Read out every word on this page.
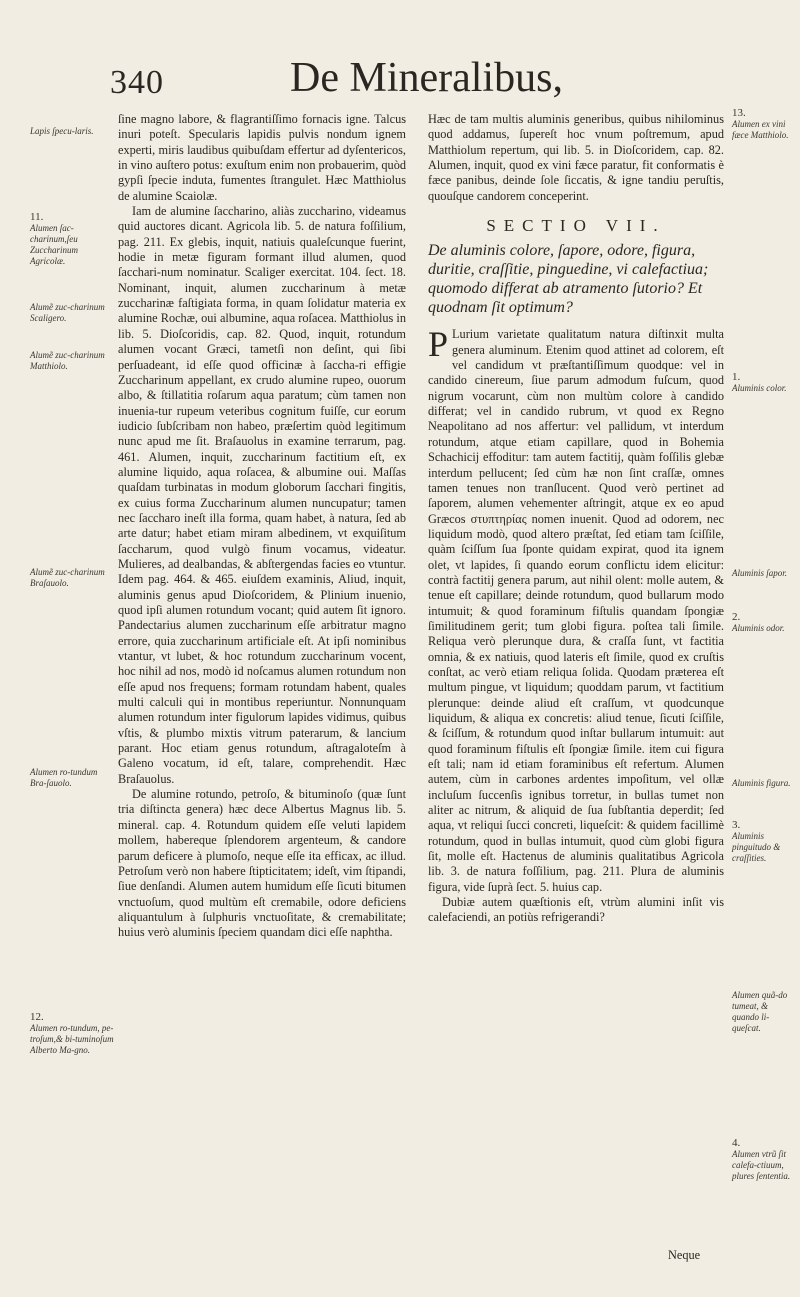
340	De Mineralibus,
Lapis ſpecu-laris.
11.
Alumen ſac-charinum,ſeu Zuccharinum Agricolæ.
Alumẽ zuc-charinum Scaligero.
Alumẽ zuc-charinum Matthiolo.
Alumẽ zuc-charinum Braſauolo.
Alumen ro-tundum Bra-ſauolo.
12.
Alumen ro-tundum, pe-troſum,& bi-tuminoſum Alberto Ma-gno.

ſine magno labore, & flagrantiſſimo fornacis igne. Talcus inuri poteſt. Specularis lapidis pulvis nondum ignem experti, miris laudibus quibuſdam effertur ad dyſentericos, in vino auſtero potus: exuſtum enim non probauerim, quòd gypſi ſpecie induta, fumentes ſtrangulet. Hæc Matthiolus de alumine Scaiolæ.

Iam de alumine ſaccharino, aliàs zuccharino, videamus quid auctores dicant. Agricola lib. 5. de natura foſſilium, pag. 211. Ex glebis, inquit, natiuis qualeſcunque fuerint, hodie in metæ figuram formant illud alumen, quod ſacchari-num nominatur. Scaliger exercitat. 104. ſect. 18. Nominant, inquit, alumen zuccharinum à metæ zuccharinæ faſtigiata forma, in quam ſolidatur materia ex alumine Rochæ, oui albumine, aqua roſacea. Matthiolus in lib. 5. Dioſcoridis, cap. 82. Quod, inquit, rotundum alumen vocant Græci, tametſi non deſint, qui ſibi perſuadeant, id eſſe quod officinæ à ſaccha-ri effigie Zuccharinum appellant, ex crudo alumine rupeo, ouorum albo, & ſtillatitia roſarum aqua paratum; cùm tamen non inuenia-tur rupeum veteribus cognitum fuiſſe, cur eorum iudicio ſubſcribam non habeo, præſertim quòd legitimum nunc apud me ſit. Braſauolus in examine terrarum, pag. 461. Alumen, inquit, zuccharinum factitium eſt, ex alumine liquido, aqua roſacea, & albumine oui. Maſſas quaſdam turbinatas in modum globorum ſacchari fingitis, ex cuius forma Zuccharinum alumen nuncupatur; tamen nec ſaccharo ineſt illa forma, quam habet, à natura, ſed ab arte datur; habet etiam miram albedinem, vt exquiſitum ſaccharum, quod vulgò finum vocamus, videatur. Mulieres, ad dealbandas, & abſtergendas facies eo vtuntur. Idem pag. 464. & 465. eiuſdem examinis, Aliud, inquit, aluminis genus apud Dioſcoridem, & Plinium inuenio, quod ipſi alumen rotundum vocant; quid autem ſit ignoro. Pandectarius alumen zuccharinum eſſe arbitratur magno errore, quia zuccharinum artificiale eſt. At ipſi nominibus vtantur, vt lubet, & hoc rotundum zuccharinum vocent, hoc nihil ad nos, modò id noſcamus alumen rotundum non eſſe apud nos frequens; formam rotundam habent, quales multi calculi qui in montibus reperiuntur. Nonnunquam alumen rotundum inter figulorum lapides vidimus, quibus vſtis, & plumbo mixtis vitrum paterarum, & lancium parant. Hoc etiam genus rotundum, aſtragaloteſm à Galeno vocatum, id eſt, talare, comprehendit. Hæc Braſauolus.

De alumine rotundo, petroſo, & bituminoſo (quæ ſunt tria diſtincta genera) hæc dece Albertus Magnus lib. 5. mineral. cap. 4. Rotundum quidem eſſe veluti lapidem mollem, habereque ſplendorem argenteum, & candore parum deficere à plumoſo, neque eſſe ita efficax, ac illud. Petroſum verò non habere ſtipticitatem; ideſt, vim ſtipandi, ſiue denſandi. Alumen autem humidum eſſe ſicuti bitumen vnctuoſum, quod multùm eſt cremabile, odore deficiens aliquantulum à ſulphuris vnctuoſitate, & cremabilitate; huius verò aluminis ſpeciem quandam dici eſſe naphtha.

13.
Alumen ex vini fæce Matthiolo.
1.
Aluminis color.
Aluminis ſapor.
2.
Aluminis odor.
Aluminis figura.
3.
Aluminis pinguitudo & craſſities.
Alumen quã-do tumeat, & quando li-queſcat.
4.
Alumen vtrũ ſit calefa-ctiuum, plures ſententia.

Hæc de tam multis aluminis generibus, quibus nihilominus quod addamus, ſupereſt hoc vnum poſtremum, apud Matthiolum repertum, qui lib. 5. in Dioſcoridem, cap. 82. Alumen, inquit, quod ex vini fæce paratur, fit conformatis è fæce panibus, deinde ſole ſiccatis, & igne tandiu peruſtis, quouſque candorem conceperint.

SECTIO VII.
De aluminis colore, ſapore, odore, figura, duritie, craſſitie, pinguedine, vi calefactiua; quomodo differat ab atramento ſutorio? Et quodnam ſit optimum?

P Lurium varietate qualitatum natura diſtinxit multa genera aluminum. Etenim quod attinet ad colorem, eſt vel candidum vt præſtantiſſimum quodque: vel in candido cinereum, ſiue parum admodum fuſcum, quod nigrum vocarunt, cùm non multùm colore à candido differat; vel in candido rubrum, vt quod ex Regno Neapolitano ad nos affertur: vel pallidum, vt interdum rotundum, atque etiam capillare, quod in Bohemia Schachicij effoditur: tam autem factitij, quàm foſſilis glebæ interdum pellucent; ſed cùm hæ non ſint craſſæ, omnes tamen tenues non tranſlucent. Quod verò pertinet ad ſaporem, alumen vehementer aſtringit, atque ex eo apud Græcos στυπτηρίας nomen inuenit. Quod ad odorem, nec liquidum modò, quod altero præſtat, ſed etiam tam ſciſſile, quàm ſciſſum ſua ſponte quidam expirat, quod ita ignem olet, vt lapides, ſi quando eorum conflictu idem elicitur: contrà factitij genera parum, aut nihil olent: molle autem, & tenue eſt capillare; deinde rotundum, quod bullarum modo intumuit; & quod foraminum fiſtulis quandam ſpongiæ ſimilitudinem gerit; tum globi figura. poſtea tali ſimile. Reliqua verò plerunque dura, & craſſa ſunt, vt factitia omnia, & ex natiuis, quod lateris eſt ſimile, quod ex cruſtis conſtat, ac verò etiam reliqua ſolida. Quodam præterea eſt multum pingue, vt liquidum; quoddam parum, vt factitium plerunque: deinde aliud eſt craſſum, vt quodcunque liquidum, & aliqua ex concretis: aliud tenue, ſicuti ſciſſile, & ſciſſum, & rotundum quod inſtar bullarum intumuit: aut quod foraminum fiſtulis eſt ſpongiæ ſimile. item cui figura eſt tali; nam id etiam foraminibus eſt refertum. Alumen autem, cùm in carbones ardentes impoſitum, vel ollæ incluſum ſuccenſis ignibus torretur, in bullas tumet non aliter ac nitrum, & aliquid de ſua ſubſtantia deperdit; ſed aqua, vt reliqui ſucci concreti, liqueſcit: & quidem facillimè rotundum, quod in bullas intumuit, quod cùm globi figura ſit, molle eſt. Hactenus de aluminis qualitatibus Agricola lib. 3. de natura foſſilium, pag. 211. Plura de aluminis figura, vide ſuprà ſect. 5. huius cap.

Dubiæ autem quæſtionis eſt, vtrùm alumini inſit vis calefaciendi, an potiùs refrigerandi?

Neque
